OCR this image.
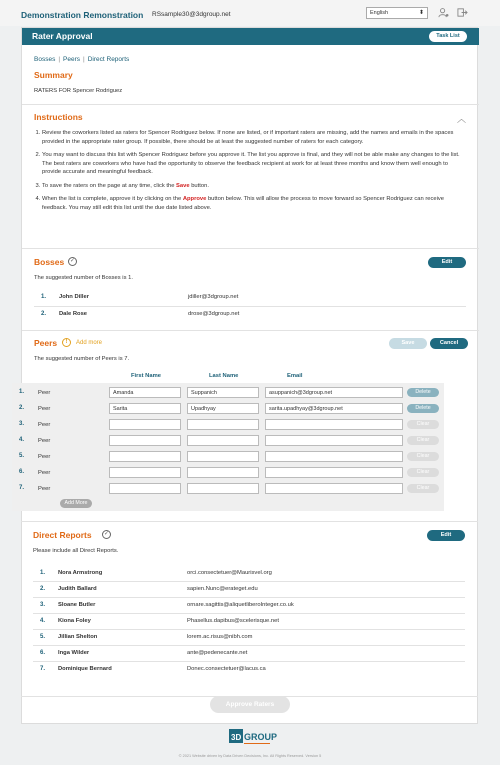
Demonstration Remonstration RSsample30@3dgroup.net	English	⬍
Rater Approval	Task List
Bosses | Peers | Direct Reports
Summary
RATERS FOR Spencer Rodriguez
Instructions	︿
1. Review the coworkers listed as raters for Spencer Rodriguez below. If none are listed, or if important raters are missing, add the names and emails in the spaces provided in the appropriate rater group. If possible, there should be at least the suggested number of raters for each category.
2. You may want to discuss this list with Spencer Rodriguez before you approve it. The list you approve is final, and they will not be able make any changes to the list. The best raters are coworkers who have had the opportunity to observe the feedback recipient at work for at least three months and know them well enough to provide accurate and meaningful feedback.
3. To save the raters on the page at any time, click the Save button.
4. When the list is complete, approve it by clicking on the Approve button below. This will allow the process to move forward so Spencer Rodriguez can receive feedback. You may still edit this list until the due date listed above.
Bosses ✓	Edit
The suggested number of Bosses is 1.
1. John Diller	jdiller@3dgroup.net
2. Dale Rose	drose@3dgroup.net
Peers	!	Add more	Save	Cancel
The suggested number of Peers is 7.
First Name	Last Name	Email
1. Peer	Amanda	Suppanich	asuppanich@3dgroup.net	Delete
2. Peer	Sarita	Upadhyay	sarita.upadhyay@3dgroup.net	Delete
3. Peer	Clear
4. Peer	Clear
5. Peer	Clear
6. Peer	Clear
7. Peer	Clear
Add More
Direct Reports	✓	Edit
Please include all Direct Reports.
1. Nora Armstrong	orci.consectetuer@Maurisvel.org
2. Judith Ballard	sapien.Nunc@erateget.edu
3. Sloane Butler	ornare.sagittis@aliquetliberoInteger.co.uk
4. Kiona Foley	Phasellus.dapibus@scelerisque.net
5. Jillian Shelton	lorem.ac.risus@nibh.com
6. Inga Wilder	ante@pedenecante.net
7. Dominique Bernard	Donec.consectetuer@lacus.ca
Approve Raters
3D GROUP
© 2021 Website driven by Data Driven Decisions, Inc. All Rights Reserved. Version 5
